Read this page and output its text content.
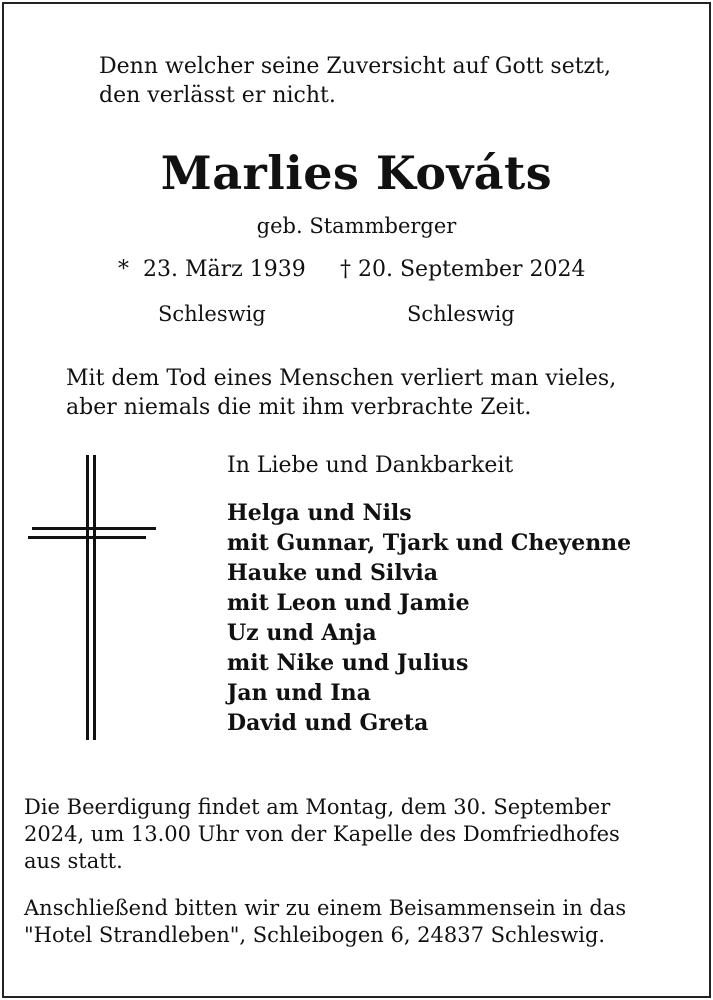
Denn welcher seine Zuversicht auf Gott setzt,
den verlässt er nicht.
Marlies Kováts
geb. Stammberger
* 23. März 1939 † 20. September 2024
Schleswig	Schleswig
Mit dem Tod eines Menschen verliert man vieles,
aber niemals die mit ihm verbrachte Zeit.
In Liebe und Dankbarkeit
Helga und Nils
mit Gunnar, Tjark und Cheyenne
Hauke und Silvia
mit Leon und Jamie
Uz und Anja
mit Nike und Julius
Jan und Ina
David und Greta
Die Beerdigung findet am Montag, dem 30. September
2024, um 13.00 Uhr von der Kapelle des Domfriedhofes
aus statt.
Anschließend bitten wir zu einem Beisammensein in das
"Hotel Strandleben", Schleibogen 6, 24837 Schleswig.
